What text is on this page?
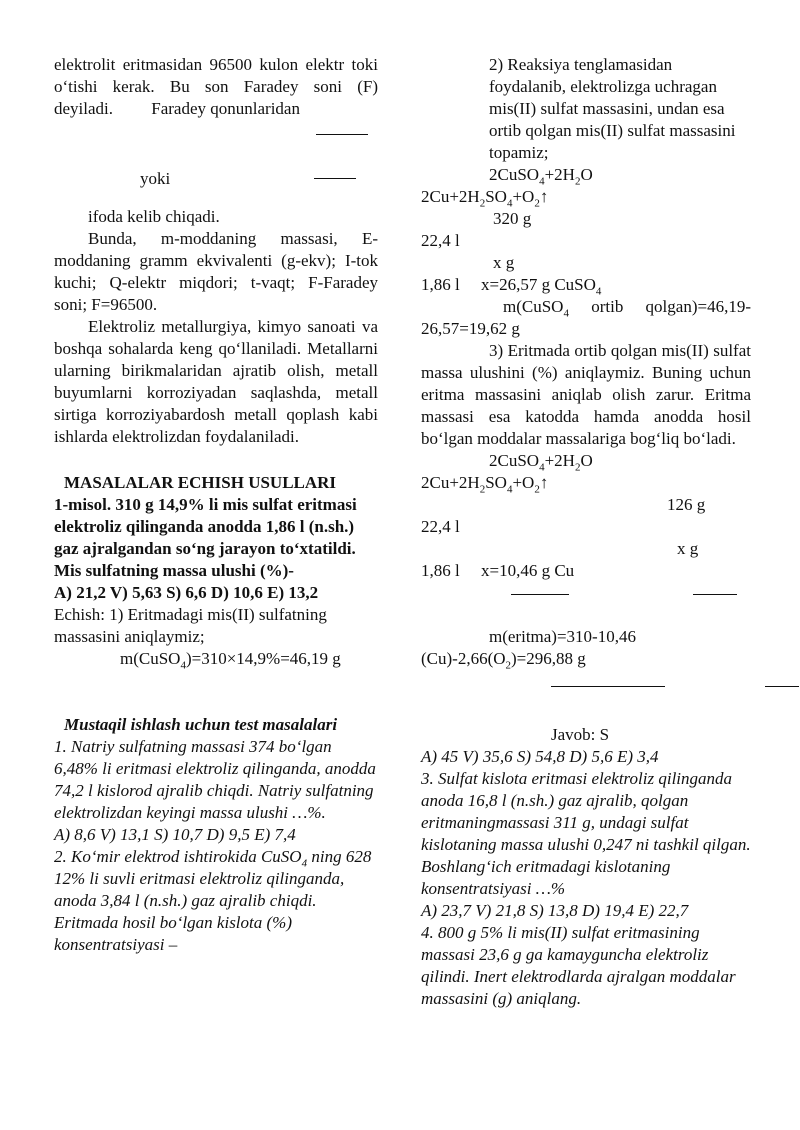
elektrolit eritmasidan 96500 kulon elektr toki o‘tishi kerak. Bu son Faradey soni (F) deyiladi. Faradey qonunlaridan

yoki

ifoda kelib chiqadi.

Bunda, m-moddaning massasi, E-moddaning gramm ekvivalenti (g-ekv); I-tok kuchi; Q-elektr miqdori; t-vaqt; F-Faradey soni; F=96500.

Elektroliz metallurgiya, kimyo sanoati va boshqa sohalarda keng qo‘llaniladi. Metallarni ularning birikmalaridan ajratib olish, metall buyumlarni korroziyadan saqlashda, metall sirtiga korroziyabardosh metall qoplash kabi ishlarda elektrolizdan foydalaniladi.

MASALALAR ECHISH USULLARI

1-misol. 310 g 14,9% li mis sulfat eritmasi elektroliz qilinganda anodda 1,86 l (n.sh.) gaz ajralgandan so‘ng jarayon to‘xtatildi. Mis sulfatning massa ulushi (%)-

A) 21,2 V) 5,63 S) 6,6 D) 10,6 E) 13,2

Echish: 1) Eritmadagi mis(II) sulfatning massasini aniqlaymiz;

m(CuSO$_4$)=310×14,9%=46,19 g

Mustaqil ishlash uchun test masalalari

1. Natriy sulfatning massasi 374 bo‘lgan 6,48% li eritmasi elektroliz qilinganda, anodda 74,2 l kislorod ajralib chiqdi. Natriy sulfatning elektrolizdan keyingi massa ulushi …%.

A) 8,6 V) 13,1 S) 10,7 D) 9,5 E) 7,4

2. Ko‘mir elektrod ishtirokida CuSO$_4$ ning 628 12% li suvli eritmasi elektroliz qilinganda, anoda 3,84 l (n.sh.) gaz ajralib chiqdi. Eritmada hosil bo‘lgan kislota (%) konsentratsiyasi –

2) Reaksiya tenglamasidan foydalanib, elektrolizga uchragan mis(II) sulfat massasini, undan esa ortib qolgan mis(II) sulfat massasini topamiz;

$2CuSO_4+2H_2O$

$2Cu+2H_2SO_4+O_2↑$

320 g

22,4 l

x g

1,86 l x=26,57 g CuSO$_4$

m(CuSO$_4$ ortib qolgan)=46,19-26,57=19,62 g

3) Eritmada ortib qolgan mis(II) sulfat massa ulushini (%) aniqlaymiz. Buning uchun eritma massasini aniqlab olish zarur. Eritma massasi esa katodda hamda anodda hosil bo‘lgan moddalar massalariga bog‘liq bo‘ladi.

$2CuSO_4+2H_2O$

$2Cu+2H_2SO_4+O_2↑$

126 g

22,4 l

x g

1,86 l x=10,46 g Cu

m(eritma)=310-10,46

$(Cu)-2,66(O_2)=296,88$ g

Javob: S

A) 45 V) 35,6 S) 54,8 D) 5,6 E) 3,4

3. Sulfat kislota eritmasi elektroliz qilinganda anoda 16,8 l (n.sh.) gaz ajralib, qolgan eritmaningmassasi 311 g, undagi sulfat kislotaning massa ulushi 0,247 ni tashkil qilgan. Boshlang‘ich eritmadagi kislotaning konsentratsiyasi …%

A) 23,7 V) 21,8 S) 13,8 D) 19,4 E) 22,7

4. 800 g 5% li mis(II) sulfat eritmasining massasi 23,6 g ga kamayguncha elektroliz qilindi. Inert elektrodlarda ajralgan moddalar massasini (g) aniqlang.
